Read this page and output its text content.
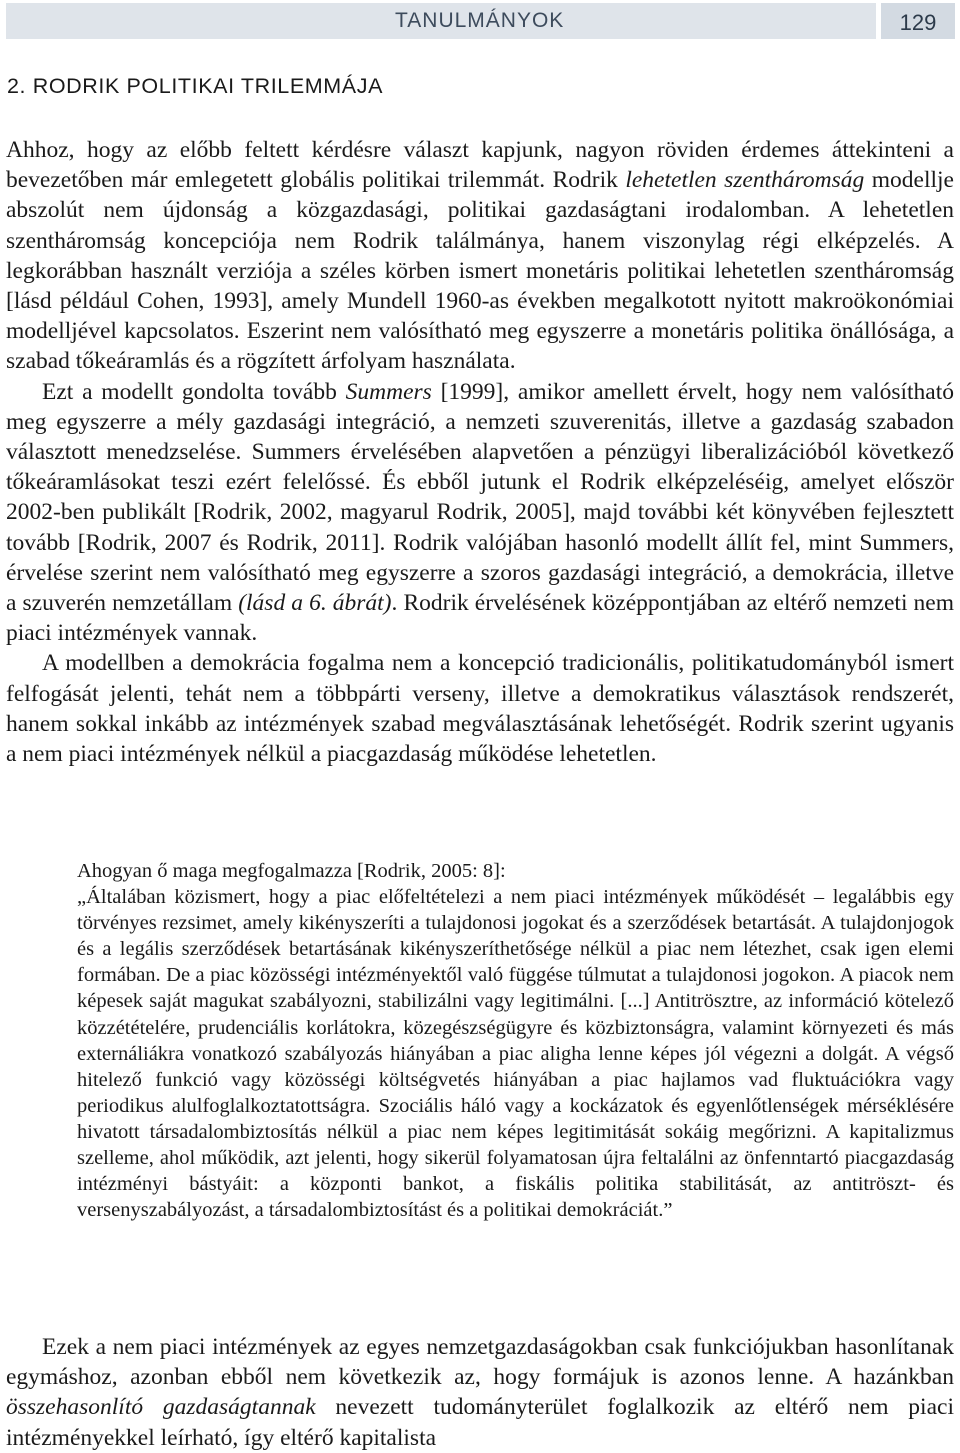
TANULMÁNYOK	129
2. RODRIK POLITIKAI TRILEMMÁJA

Ahhoz, hogy az előbb feltett kérdésre választ kapjunk, nagyon röviden érdemes áttekinteni a bevezetőben már emlegetett globális politikai trilemmát. Rodrik lehetetlen szentháromság modellje abszolút nem újdonság a közgazdasági, politikai gazdaságtani irodalomban. A lehetetlen szentháromság koncepciója nem Rodrik találmánya, hanem viszonylag régi elképzelés. A legkorábban használt verziója a széles körben ismert monetáris politikai lehetetlen szentháromság [lásd például Cohen, 1993], amely Mundell 1960-as években megalkotott nyitott makroökonómiai modelljével kapcsolatos. Eszerint nem valósítható meg egyszerre a monetáris politika önállósága, a szabad tőkeáramlás és a rögzített árfolyam használata.

Ezt a modellt gondolta tovább Summers [1999], amikor amellett érvelt, hogy nem valósítható meg egyszerre a mély gazdasági integráció, a nemzeti szuverenitás, illetve a gazdaság szabadon választott menedzselése. Summers érvelésében alapvetően a pénzügyi liberalizációból következő tőkeáramlásokat teszi ezért felelőssé. És ebből jutunk el Rodrik elképzeléséig, amelyet először 2002-ben publikált [Rodrik, 2002, magyarul Rodrik, 2005], majd további két könyvében fejlesztett tovább [Rodrik, 2007 és Rodrik, 2011]. Rodrik valójában hasonló modellt állít fel, mint Summers, érvelése szerint nem valósítható meg egyszerre a szoros gazdasági integráció, a demokrácia, illetve a szuverén nemzetállam (lásd a 6. ábrát). Rodrik érvelésének középpontjában az eltérő nemzeti nem piaci intézmények vannak.

A modellben a demokrácia fogalma nem a koncepció tradicionális, politikatudományból ismert felfogását jelenti, tehát nem a többpárti verseny, illetve a demokratikus választások rendszerét, hanem sokkal inkább az intézmények szabad megválasztásának lehetőségét. Rodrik szerint ugyanis a nem piaci intézmények nélkül a piacgazdaság működése lehetetlen.

Ahogyan ő maga megfogalmazza [Rodrik, 2005: 8]:

„Általában közismert, hogy a piac előfeltételezi a nem piaci intézmények működését – legalábbis egy törvényes rezsimet, amely kikényszeríti a tulajdonosi jogokat és a szerződések betartását. A tulajdonjogok és a legális szerződések betartásának kikényszeríthetősége nélkül a piac nem létezhet, csak igen elemi formában. De a piac közösségi intézményektől való függése túlmutat a tulajdonosi jogokon. A piacok nem képesek saját magukat szabályozni, stabilizálni vagy legitimálni. [...] Antitrösztre, az információ kötelező közzétételére, prudenciális korlátokra, közegészségügyre és közbiztonságra, valamint környezeti és más externáliákra vonatkozó szabályozás hiányában a piac aligha lenne képes jól végezni a dolgát. A végső hitelező funkció vagy közösségi költségvetés hiányában a piac hajlamos vad fluktuációkra vagy periodikus alulfoglalkoztatottságra. Szociális háló vagy a kockázatok és egyenlőtlenségek mérséklésére hivatott társadalombiztosítás nélkül a piac nem képes legitimitását sokáig megőrizni. A kapitalizmus szelleme, ahol működik, azt jelenti, hogy sikerül folyamatosan újra feltalálni az önfenntartó piacgazdaság intézményi bástyáit: a központi bankot, a fiskális politika stabilitását, az antitröszt- és versenyszabályozást, a társadalombiztosítást és a politikai demokráciát.”

Ezek a nem piaci intézmények az egyes nemzetgazdaságokban csak funkciójukban hasonlítanak egymáshoz, azonban ebből nem következik az, hogy formájuk is azonos lenne. A hazánkban összehasonlító gazdaságtannak nevezett tudományterület foglalkozik az eltérő nem piaci intézményekkel leírható, így eltérő kapitalista
